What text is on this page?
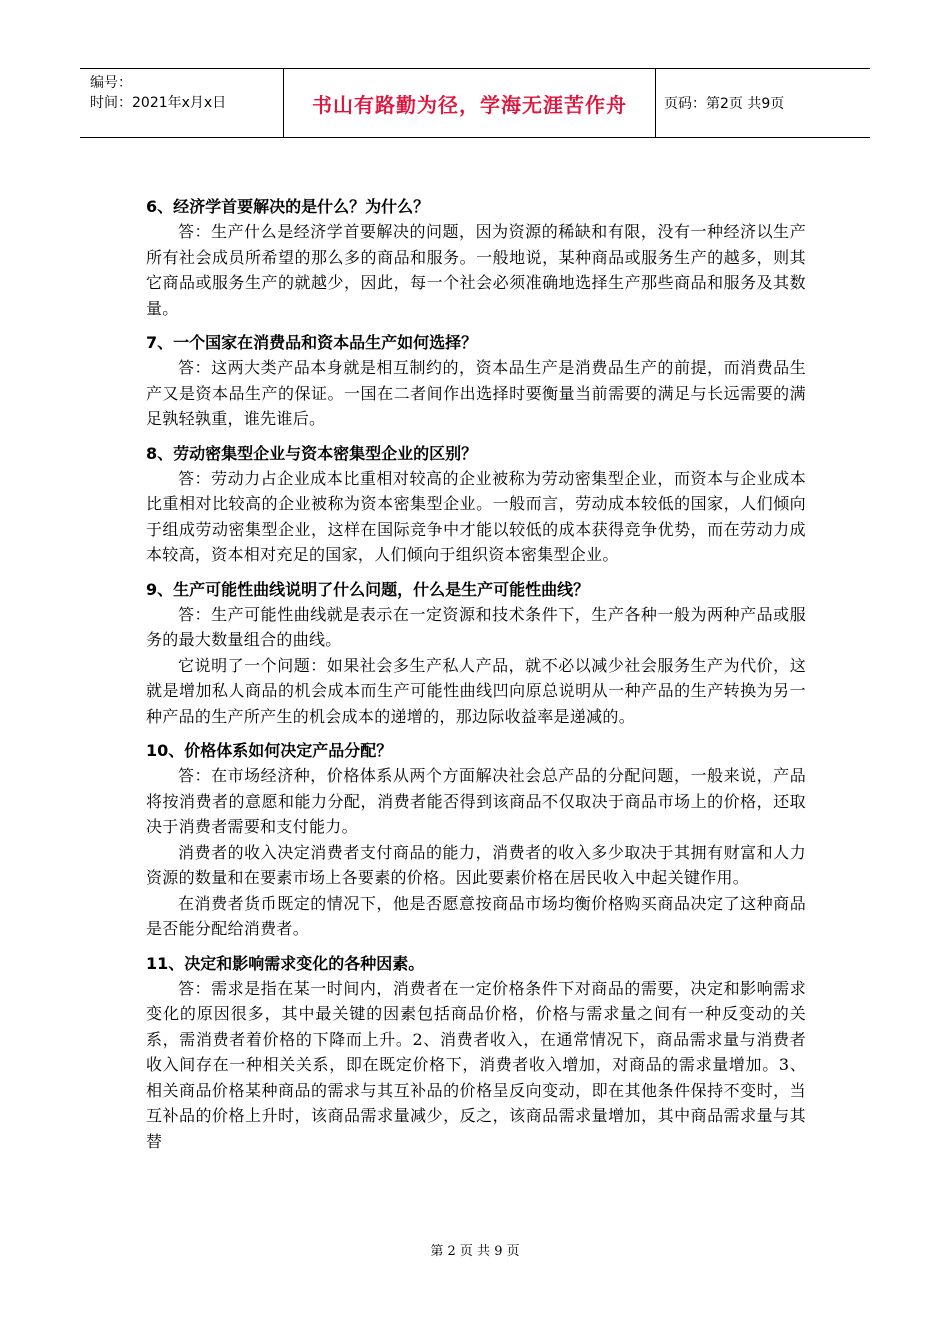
编号：
时间：2021年x月x日	书山有路勤为径，学海无涯苦作舟	页码：第2页 共9页

6、经济学首要解决的是什么？为什么？

答：生产什么是经济学首要解决的问题，因为资源的稀缺和有限，没有一种经济以生产所有社会成员所希望的那么多的商品和服务。一般地说，某种商品或服务生产的越多，则其它商品或服务生产的就越少，因此，每一个社会必须准确地选择生产那些商品和服务及其数量。

7、一个国家在消费品和资本品生产如何选择？

答：这两大类产品本身就是相互制约的，资本品生产是消费品生产的前提，而消费品生产又是资本品生产的保证。一国在二者间作出选择时要衡量当前需要的满足与长远需要的满足孰轻孰重，谁先谁后。

8、劳动密集型企业与资本密集型企业的区别？

答：劳动力占企业成本比重相对较高的企业被称为劳动密集型企业，而资本与企业成本比重相对比较高的企业被称为资本密集型企业。一般而言，劳动成本较低的国家，人们倾向于组成劳动密集型企业，这样在国际竞争中才能以较低的成本获得竞争优势，而在劳动力成本较高，资本相对充足的国家，人们倾向于组织资本密集型企业。

9、生产可能性曲线说明了什么问题，什么是生产可能性曲线？

答：生产可能性曲线就是表示在一定资源和技术条件下，生产各种一般为两种产品或服务的最大数量组合的曲线。

它说明了一个问题：如果社会多生产私人产品，就不必以减少社会服务生产为代价，这就是增加私人商品的机会成本而生产可能性曲线凹向原总说明从一种产品的生产转换为另一种产品的生产所产生的机会成本的递增的，那边际收益率是递减的。

10、价格体系如何决定产品分配？

答：在市场经济种，价格体系从两个方面解决社会总产品的分配问题，一般来说，产品将按消费者的意愿和能力分配，消费者能否得到该商品不仅取决于商品市场上的价格，还取决于消费者需要和支付能力。

消费者的收入决定消费者支付商品的能力，消费者的收入多少取决于其拥有财富和人力资源的数量和在要素市场上各要素的价格。因此要素价格在居民收入中起关键作用。

在消费者货币既定的情况下，他是否愿意按商品市场均衡价格购买商品决定了这种商品是否能分配给消费者。

11、决定和影响需求变化的各种因素。

答：需求是指在某一时间内，消费者在一定价格条件下对商品的需要，决定和影响需求变化的原因很多，其中最关键的因素包括商品价格，价格与需求量之间有一种反变动的关系，需消费者着价格的下降而上升。2、消费者收入，在通常情况下，商品需求量与消费者收入间存在一种相关关系，即在既定价格下，消费者收入增加，对商品的需求量增加。3、相关商品价格某种商品的需求与其互补品的价格呈反向变动，即在其他条件保持不变时，当互补品的价格上升时，该商品需求量减少，反之，该商品需求量增加，其中商品需求量与其替

第 2 页 共 9 页
